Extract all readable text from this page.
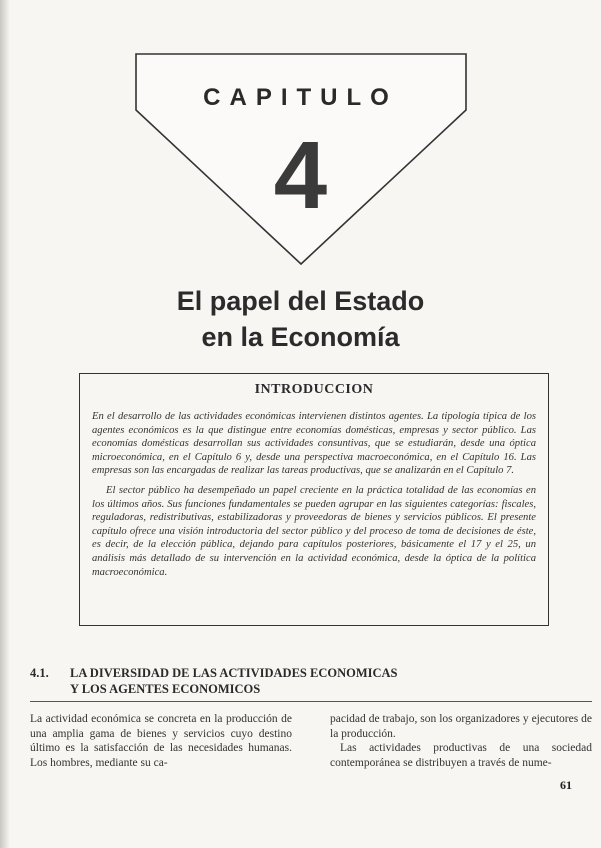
CAPITULO
4
El papel del Estado
en la Economía
INTRODUCCION

En el desarrollo de las actividades económicas intervienen distintos agentes. La tipología típica de los agentes económicos es la que distingue entre economías domésticas, empresas y sector público. Las economías domésticas desarrollan sus actividades consuntivas, que se estudiarán, desde una óptica microeconómica, en el Capítulo 6 y, desde una perspectiva macroeconómica, en el Capítulo 16. Las empresas son las encargadas de realizar las tareas productivas, que se analizarán en el Capítulo 7.

El sector público ha desempeñado un papel creciente en la práctica totalidad de las economías en los últimos años. Sus funciones fundamentales se pueden agrupar en las siguientes categorías: fiscales, reguladoras, redistributivas, estabilizadoras y proveedoras de bienes y servicios públicos. El presente capítulo ofrece una visión introductoria del sector público y del proceso de toma de decisiones de éste, es decir, de la elección pública, dejando para capítulos posteriores, básicamente el 17 y el 25, un análisis más detallado de su intervención en la actividad económica, desde la óptica de la política macroeconómica.

4.1. LA DIVERSIDAD DE LAS ACTIVIDADES ECONOMICAS
Y LOS AGENTES ECONOMICOS

La actividad económica se concreta en la producción de una amplia gama de bienes y servicios cuyo destino último es la satisfacción de las necesidades humanas. Los hombres, mediante su ca-

pacidad de trabajo, son los organizadores y ejecutores de la producción.

Las actividades productivas de una sociedad contemporánea se distribuyen a través de nume-

61
